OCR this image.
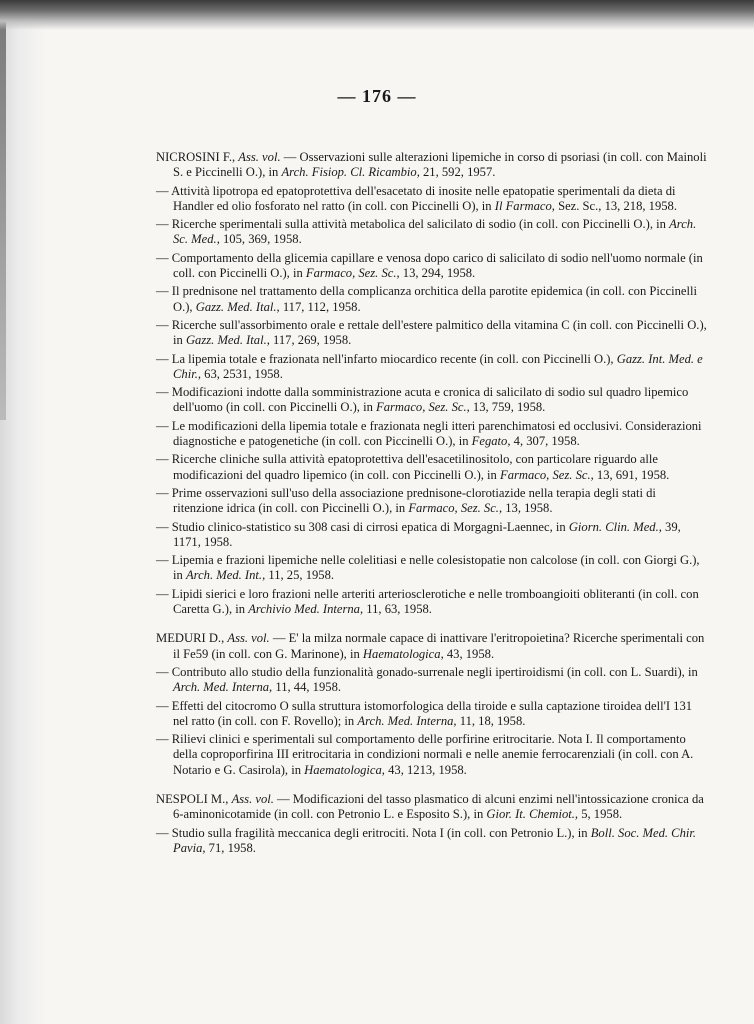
— 176 —
NICROSINI F., Ass. vol. — Osservazioni sulle alterazioni lipemiche in corso di psoriasi (in coll. con Mainoli S. e Piccinelli O.), in Arch. Fisiop. Cl. Ricambio, 21, 592, 1957.
— Attività lipotropa ed epatoprotettiva dell'esacetato di inosite nelle epatopatie sperimentali da dieta di Handler ed olio fosforato nel ratto (in coll. con Piccinelli O), in Il Farmaco, Sez. Sc., 13, 218, 1958.
— Ricerche sperimentali sulla attività metabolica del salicilato di sodio (in coll. con Piccinelli O.), in Arch. Sc. Med., 105, 369, 1958.
— Comportamento della glicemia capillare e venosa dopo carico di salicilato di sodio nell'uomo normale (in coll. con Piccinelli O.), in Farmaco, Sez. Sc., 13, 294, 1958.
— Il prednisone nel trattamento della complicanza orchitica della parotite epidemica (in coll. con Piccinelli O.), Gazz. Med. Ital., 117, 112, 1958.
— Ricerche sull'assorbimento orale e rettale dell'estere palmitico della vitamina C (in coll. con Piccinelli O.), in Gazz. Med. Ital., 117, 269, 1958.
— La lipemia totale e frazionata nell'infarto miocardico recente (in coll. con Piccinelli O.), Gazz. Int. Med. e Chir., 63, 2531, 1958.
— Modificazioni indotte dalla somministrazione acuta e cronica di salicilato di sodio sul quadro lipemico dell'uomo (in coll. con Piccinelli O.), in Farmaco, Sez. Sc., 13, 759, 1958.
— Le modificazioni della lipemia totale e frazionata negli itteri parenchimatosi ed occlusivi. Considerazioni diagnostiche e patogenetiche (in coll. con Piccinelli O.), in Fegato, 4, 307, 1958.
— Ricerche cliniche sulla attività epatoprotettiva dell'esacetilinositolo, con particolare riguardo alle modificazioni del quadro lipemico (in coll. con Piccinelli O.), in Farmaco, Sez. Sc., 13, 691, 1958.
— Prime osservazioni sull'uso della associazione prednisone-clorotiazide nella terapia degli stati di ritenzione idrica (in coll. con Piccinelli O.), in Farmaco, Sez. Sc., 13, 1958.
— Studio clinico-statistico su 308 casi di cirrosi epatica di Morgagni-Laennec, in Giorn. Clin. Med., 39, 1171, 1958.
— Lipemia e frazioni lipemiche nelle colelitiasi e nelle colesistopatie non calcolose (in coll. con Giorgi G.), in Arch. Med. Int., 11, 25, 1958.
— Lipidi sierici e loro frazioni nelle arteriti arteriosclerotiche e nelle tromboangioiti obliteranti (in coll. con Caretta G.), in Archivio Med. Interna, 11, 63, 1958.
MEDURI D., Ass. vol. — E' la milza normale capace di inattivare l'eritropoietina? Ricerche sperimentali con il Fe59 (in coll. con G. Marinone), in Haematologica, 43, 1958.
— Contributo allo studio della funzionalità gonado-surrenale negli ipertiroidismi (in coll. con L. Suardi), in Arch. Med. Interna, 11, 44, 1958.
— Effetti del citocromo O sulla struttura istomorfologica della tiroide e sulla captazione tiroidea dell'I 131 nel ratto (in coll. con F. Rovello); in Arch. Med. Interna, 11, 18, 1958.
— Rilievi clinici e sperimentali sul comportamento delle porfirine eritrocitarie. Nota I. Il comportamento della coproporfirina III eritrocitaria in condizioni normali e nelle anemie ferrocarenziali (in coll. con A. Notario e G. Casirola), in Haematologica, 43, 1213, 1958.
NESPOLI M., Ass. vol. — Modificazioni del tasso plasmatico di alcuni enzimi nell'intossicazione cronica da 6-aminonicotamide (in coll. con Petronio L. e Esposito S.), in Gior. It. Chemiot., 5, 1958.
— Studio sulla fragilità meccanica degli eritrociti. Nota I (in coll. con Petronio L.), in Boll. Soc. Med. Chir. Pavia, 71, 1958.
